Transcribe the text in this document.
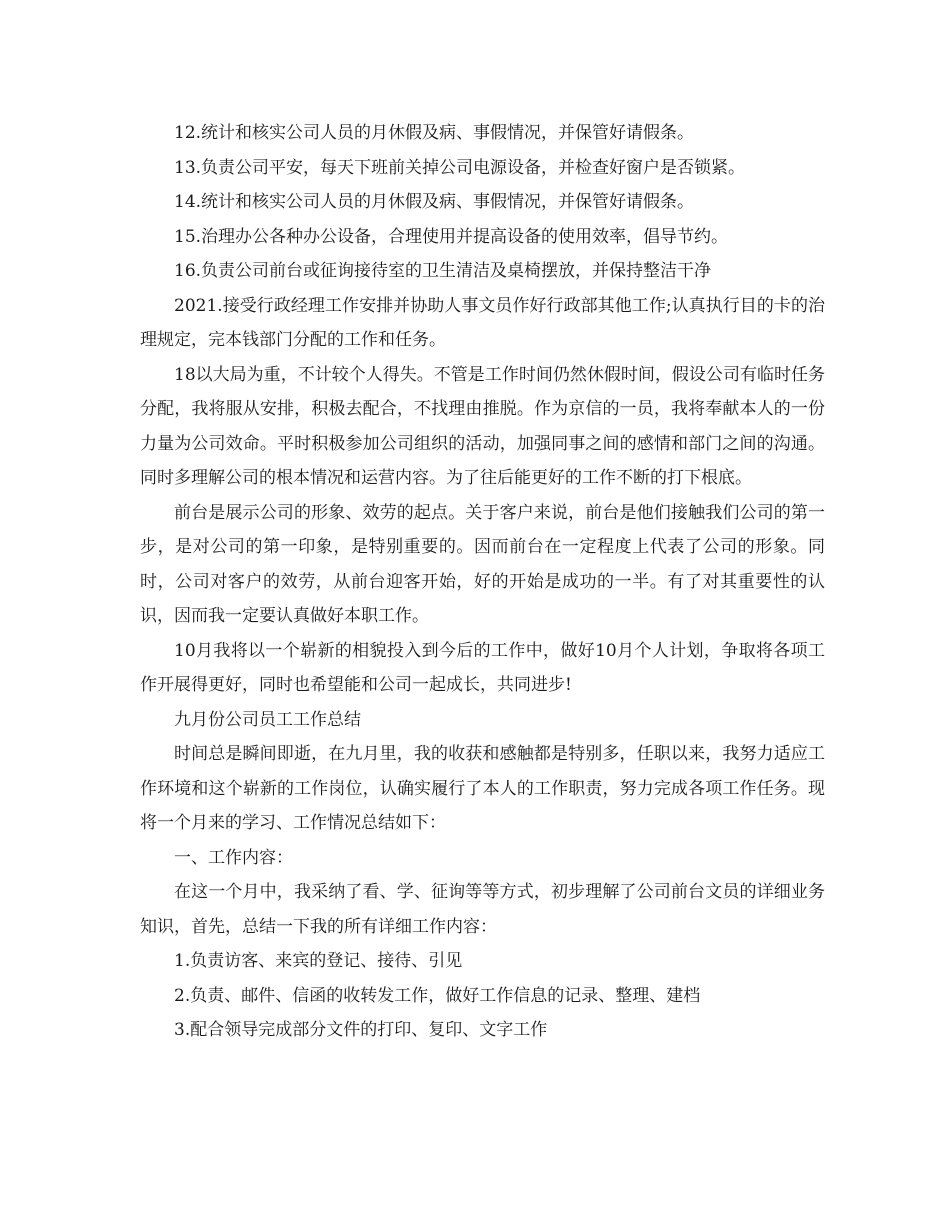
12.统计和核实公司人员的月休假及病、事假情况，并保管好请假条。

13.负责公司平安，每天下班前关掉公司电源设备，并检查好窗户是否锁紧。

14.统计和核实公司人员的月休假及病、事假情况，并保管好请假条。

15.治理办公各种办公设备，合理使用并提高设备的使用效率，倡导节约。

16.负责公司前台或征询接待室的卫生清洁及桌椅摆放，并保持整洁干净

2021.接受行政经理工作安排并协助人事文员作好行政部其他工作;认真执行目的卡的治理规定，完本钱部门分配的工作和任务。

18以大局为重，不计较个人得失。不管是工作时间仍然休假时间，假设公司有临时任务分配，我将服从安排，积极去配合，不找理由推脱。作为京信的一员，我将奉献本人的一份力量为公司效命。平时积极参加公司组织的活动，加强同事之间的感情和部门之间的沟通。同时多理解公司的根本情况和运营内容。为了往后能更好的工作不断的打下根底。

前台是展示公司的形象、效劳的起点。关于客户来说，前台是他们接触我们公司的第一步，是对公司的第一印象，是特别重要的。因而前台在一定程度上代表了公司的形象。同时，公司对客户的效劳，从前台迎客开始，好的开始是成功的一半。有了对其重要性的认识，因而我一定要认真做好本职工作。

10月我将以一个崭新的相貌投入到今后的工作中，做好10月个人计划，争取将各项工作开展得更好，同时也希望能和公司一起成长，共同进步!

九月份公司员工工作总结

时间总是瞬间即逝，在九月里，我的收获和感触都是特别多，任职以来，我努力适应工作环境和这个崭新的工作岗位，认确实履行了本人的工作职责，努力完成各项工作任务。现将一个月来的学习、工作情况总结如下：

一、工作内容：

在这一个月中，我采纳了看、学、征询等等方式，初步理解了公司前台文员的详细业务知识，首先，总结一下我的所有详细工作内容：

1.负责访客、来宾的登记、接待、引见

2.负责、邮件、信函的收转发工作，做好工作信息的记录、整理、建档

3.配合领导完成部分文件的打印、复印、文字工作
